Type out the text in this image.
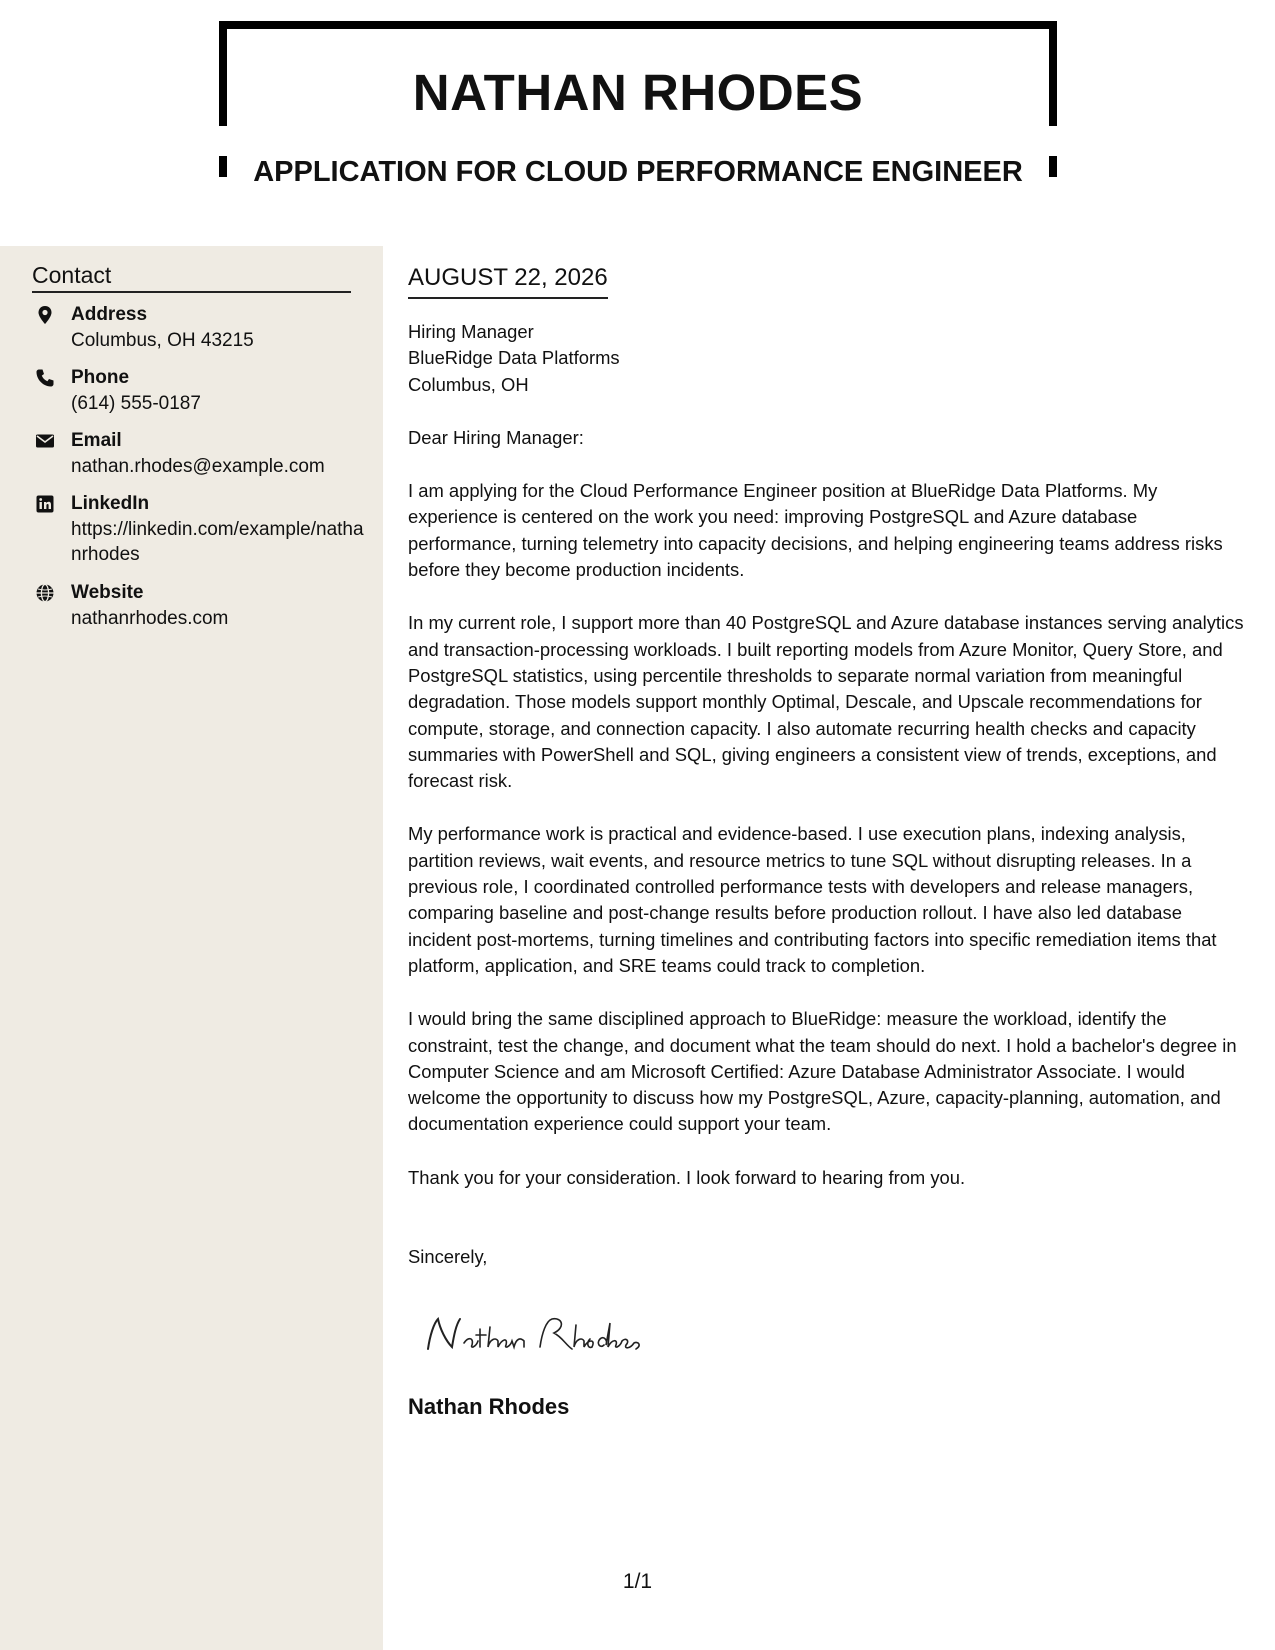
NATHAN RHODES
APPLICATION FOR CLOUD PERFORMANCE ENGINEER
Contact
Address
Columbus, OH 43215
Phone
(614) 555-0187
Email
nathan.rhodes@example.com
LinkedIn
https://linkedin.com/example/nathanrhodes
Website
nathanrhodes.com
AUGUST 22, 2026
Hiring Manager
BlueRidge Data Platforms
Columbus, OH
Dear Hiring Manager:

I am applying for the Cloud Performance Engineer position at BlueRidge Data Platforms. My experience is centered on the work you need: improving PostgreSQL and Azure database performance, turning telemetry into capacity decisions, and helping engineering teams address risks before they become production incidents.

In my current role, I support more than 40 PostgreSQL and Azure database instances serving analytics and transaction-processing workloads. I built reporting models from Azure Monitor, Query Store, and PostgreSQL statistics, using percentile thresholds to separate normal variation from meaningful degradation. Those models support monthly Optimal, Descale, and Upscale recommendations for compute, storage, and connection capacity. I also automate recurring health checks and capacity summaries with PowerShell and SQL, giving engineers a consistent view of trends, exceptions, and forecast risk.

My performance work is practical and evidence-based. I use execution plans, indexing analysis, partition reviews, wait events, and resource metrics to tune SQL without disrupting releases. In a previous role, I coordinated controlled performance tests with developers and release managers, comparing baseline and post-change results before production rollout. I have also led database incident post-mortems, turning timelines and contributing factors into specific remediation items that platform, application, and SRE teams could track to completion.

I would bring the same disciplined approach to BlueRidge: measure the workload, identify the constraint, test the change, and document what the team should do next. I hold a bachelor's degree in Computer Science and am Microsoft Certified: Azure Database Administrator Associate. I would welcome the opportunity to discuss how my PostgreSQL, Azure, capacity-planning, automation, and documentation experience could support your team.

Thank you for your consideration. I look forward to hearing from you.

Sincerely,
Nathan Rhodes
1/1
